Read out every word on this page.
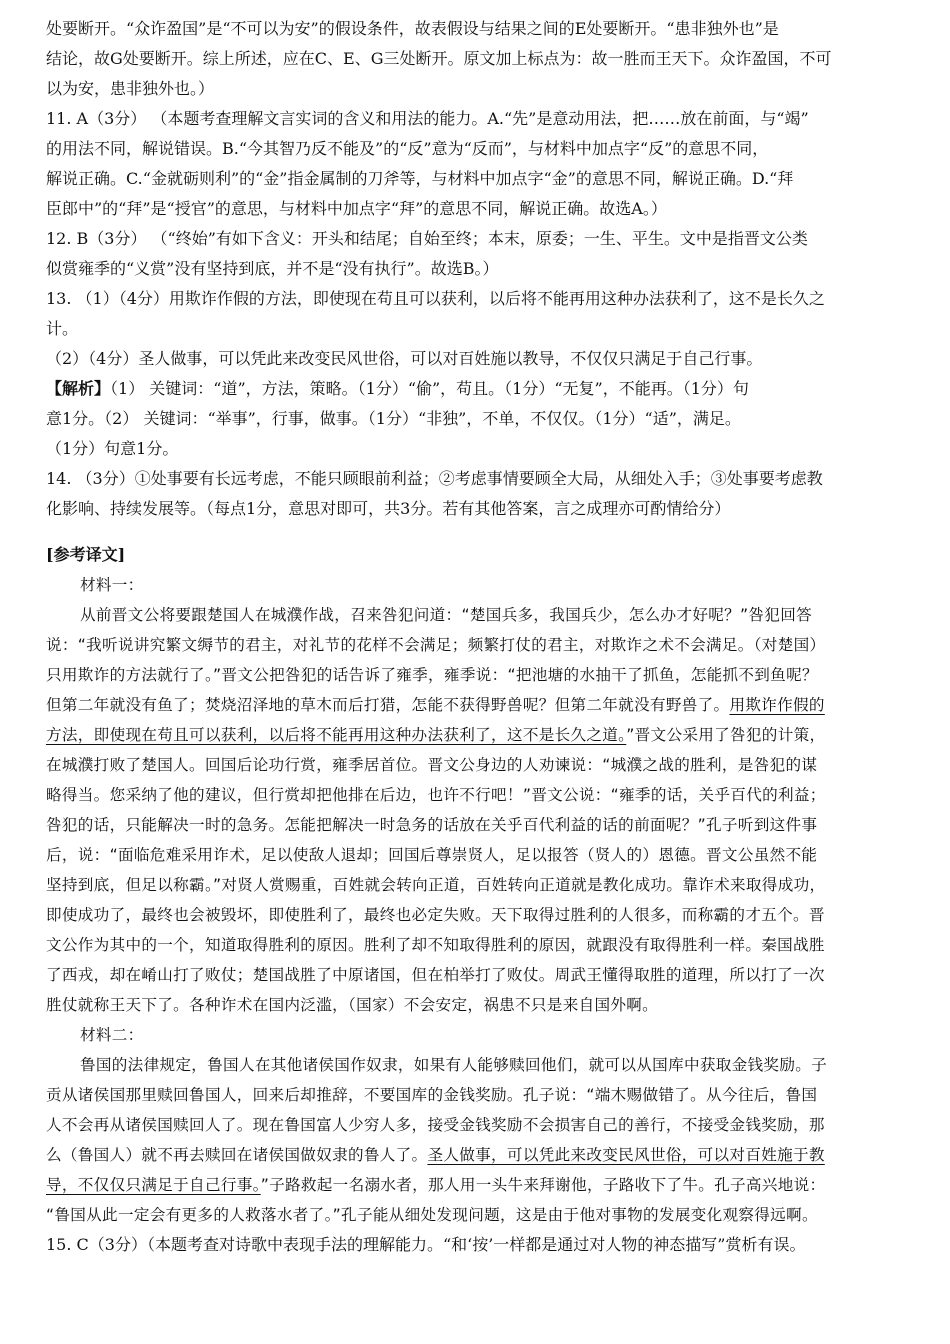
处要断开。“众诈盈国”是“不可以为安”的假设条件，故表假设与结果之间的E处要断开。“患非独外也”是
结论，故G处要断开。综上所述，应在C、E、G三处断开。原文加上标点为：故一胜而王天下。众诈盈国，不可
以为安，患非独外也。）
11. A（3分） （本题考查理解文言实词的含义和用法的能力。A.“先”是意动用法，把……放在前面，与“竭”
的用法不同，解说错误。B.“今其智乃反不能及”的“反”意为“反而”，与材料中加点字“反”的意思不同，
解说正确。C.“金就砺则利”的“金”指金属制的刀斧等，与材料中加点字“金”的意思不同，解说正确。D.“拜
臣郎中”的“拜”是“授官”的意思，与材料中加点字“拜”的意思不同，解说正确。故选A。）
12. B（3分） （“终始”有如下含义：开头和结尾；自始至终；本末，原委；一生、平生。文中是指晋文公类
似赏雍季的“义赏”没有坚持到底，并不是“没有执行”。故选B。）
13. （1）（4分）用欺诈作假的方法，即使现在苟且可以获利，以后将不能再用这种办法获利了，这不是长久之
计。
（2）（4分）圣人做事，可以凭此来改变民风世俗，可以对百姓施以教导，不仅仅只满足于自己行事。
【解析】（1） 关键词：“道”，方法，策略。（1分）“偷”，苟且。（1分）“无复”，不能再。（1分）句
意1分。（2） 关键词：“举事”，行事，做事。（1分）“非独”，不单，不仅仅。（1分）“适”，满足。
（1分）句意1分。
14. （3分）①处事要有长远考虑，不能只顾眼前利益；②考虑事情要顾全大局，从细处入手；③处事要考虑教
化影响、持续发展等。（每点1分，意思对即可，共3分。若有其他答案，言之成理亦可酌情给分）
[参考译文]
材料一：
从前晋文公将要跟楚国人在城濮作战，召来咎犯问道：“楚国兵多，我国兵少，怎么办才好呢？”咎犯回答
说：“我听说讲究繁文缛节的君主，对礼节的花样不会满足；频繁打仗的君主，对欺诈之术不会满足。（对楚国）
只用欺诈的方法就行了。”晋文公把咎犯的话告诉了雍季，雍季说：“把池塘的水抽干了抓鱼，怎能抓不到鱼呢？
但第二年就没有鱼了；焚烧沼泽地的草木而后打猎，怎能不获得野兽呢？但第二年就没有野兽了。用欺诈作假的
方法，即使现在苟且可以获利，以后将不能再用这种办法获利了，这不是长久之道。”晋文公采用了咎犯的计策，
在城濮打败了楚国人。回国后论功行赏，雍季居首位。晋文公身边的人劝谏说：“城濮之战的胜利，是咎犯的谋
略得当。您采纳了他的建议，但行赏却把他排在后边，也许不行吧！”晋文公说：“雍季的话，关乎百代的利益；
咎犯的话，只能解决一时的急务。怎能把解决一时急务的话放在关乎百代利益的话的前面呢？”孔子听到这件事
后，说：“面临危难采用诈术，足以使敌人退却；回国后尊崇贤人，足以报答（贤人的）恩德。晋文公虽然不能
坚持到底，但足以称霸。”对贤人赏赐重，百姓就会转向正道，百姓转向正道就是教化成功。靠诈术来取得成功，
即使成功了，最终也会被毁坏，即使胜利了，最终也必定失败。天下取得过胜利的人很多，而称霸的才五个。晋
文公作为其中的一个，知道取得胜利的原因。胜利了却不知取得胜利的原因，就跟没有取得胜利一样。秦国战胜
了西戎，却在崤山打了败仗；楚国战胜了中原诸国，但在柏举打了败仗。周武王懂得取胜的道理，所以打了一次
胜仗就称王天下了。各种诈术在国内泛滥，（国家）不会安定，祸患不只是来自国外啊。
材料二：
鲁国的法律规定，鲁国人在其他诸侯国作奴隶，如果有人能够赎回他们，就可以从国库中获取金钱奖励。子
贡从诸侯国那里赎回鲁国人，回来后却推辞，不要国库的金钱奖励。孔子说：“端木赐做错了。从今往后，鲁国
人不会再从诸侯国赎回人了。现在鲁国富人少穷人多，接受金钱奖励不会损害自己的善行，不接受金钱奖励，那
么（鲁国人）就不再去赎回在诸侯国做奴隶的鲁人了。圣人做事，可以凭此来改变民风世俗，可以对百姓施于教
导，不仅仅只满足于自己行事。”子路救起一名溺水者，那人用一头牛来拜谢他，子路收下了牛。孔子高兴地说：
“鲁国从此一定会有更多的人救落水者了。”孔子能从细处发现问题，这是由于他对事物的发展变化观察得远啊。
15. C（3分）（本题考查对诗歌中表现手法的理解能力。“和‘按’一样都是通过对人物的神态描写”赏析有误。
